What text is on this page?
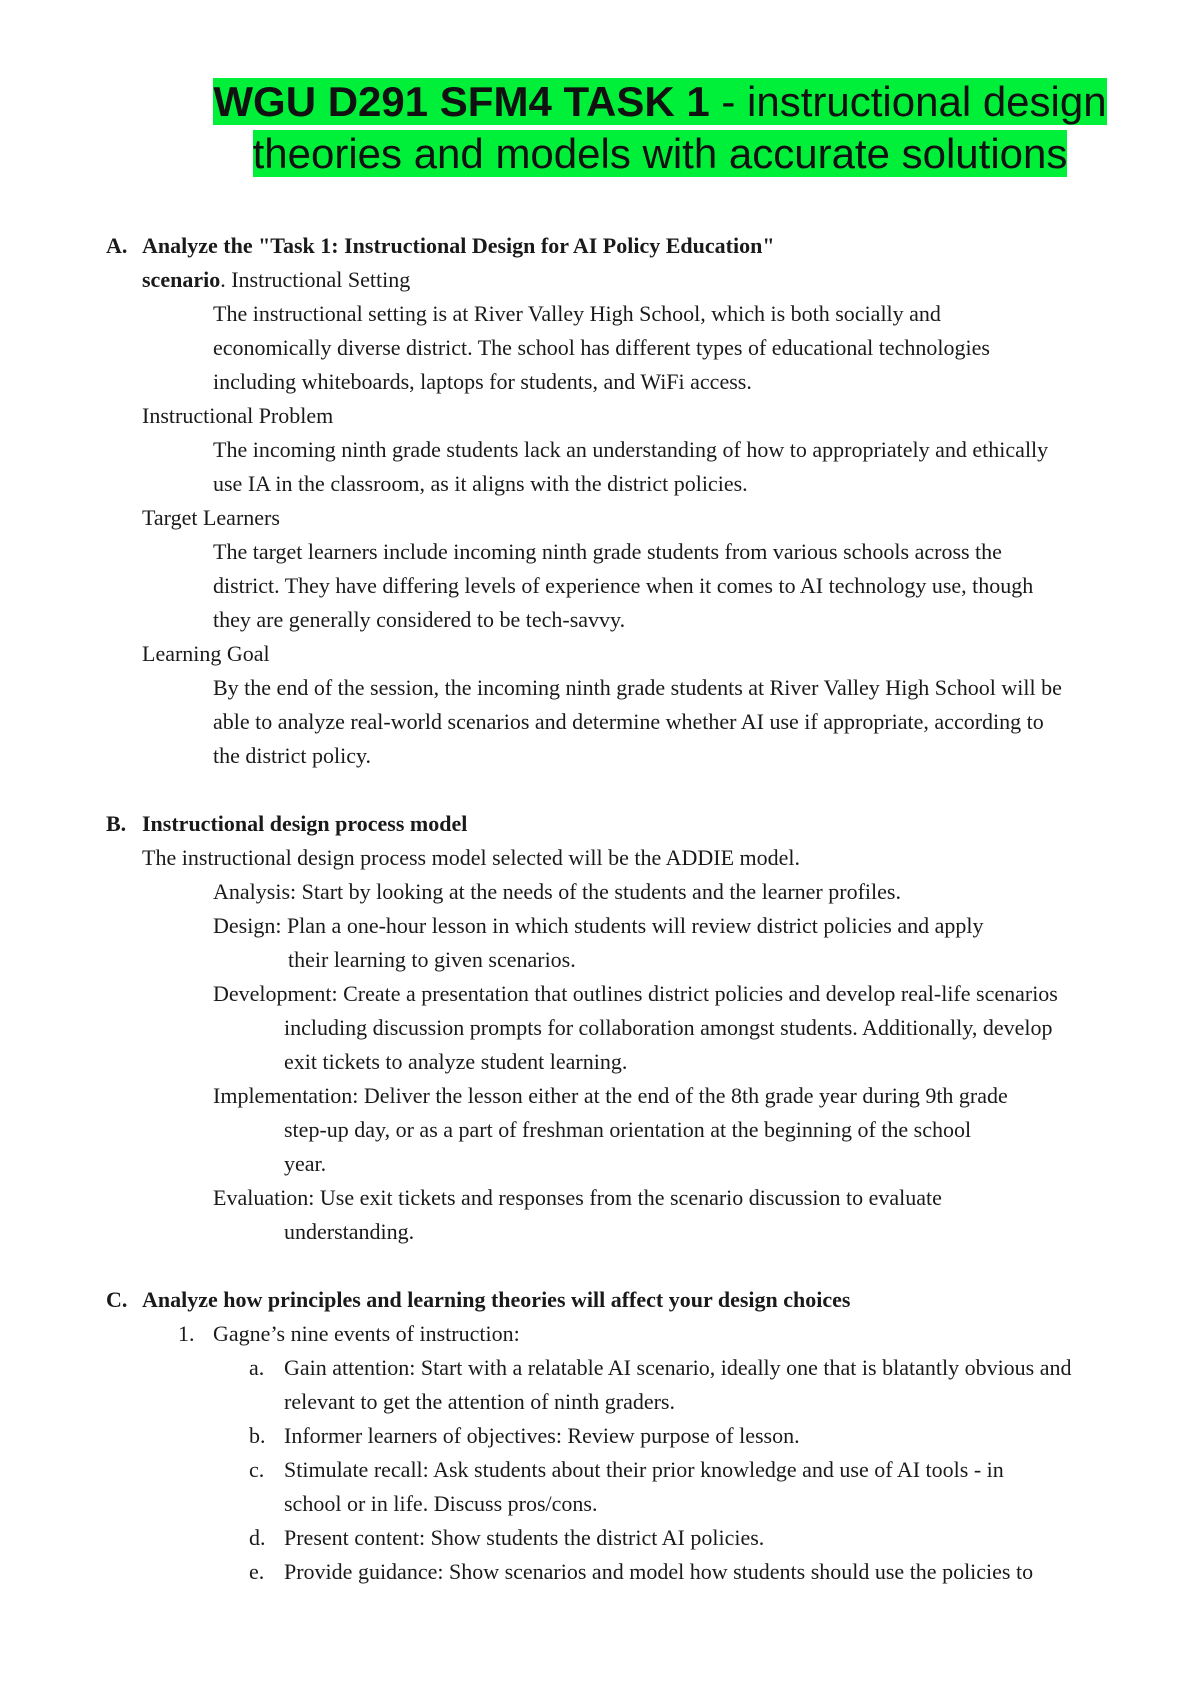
WGU D291 SFM4 TASK 1 - instructional design
theories and models with accurate solutions

A. Analyze the "Task 1: Instructional Design for AI Policy Education"

scenario. Instructional Setting

The instructional setting is at River Valley High School, which is both socially and

economically diverse district. The school has different types of educational technologies

including whiteboards, laptops for students, and WiFi access.

Instructional Problem

The incoming ninth grade students lack an understanding of how to appropriately and ethically

use IA in the classroom, as it aligns with the district policies.

Target Learners

The target learners include incoming ninth grade students from various schools across the

district. They have differing levels of experience when it comes to AI technology use, though

they are generally considered to be tech-savvy.

Learning Goal

By the end of the session, the incoming ninth grade students at River Valley High School will be

able to analyze real-world scenarios and determine whether AI use if appropriate, according to

the district policy.

B. Instructional design process model

The instructional design process model selected will be the ADDIE model.

Analysis: Start by looking at the needs of the students and the learner profiles.

Design: Plan a one-hour lesson in which students will review district policies and apply

their learning to given scenarios.

Development: Create a presentation that outlines district policies and develop real-life scenarios

including discussion prompts for collaboration amongst students. Additionally, develop

exit tickets to analyze student learning.

Implementation: Deliver the lesson either at the end of the 8th grade year during 9th grade

step-up day, or as a part of freshman orientation at the beginning of the school

year.

Evaluation: Use exit tickets and responses from the scenario discussion to evaluate

understanding.

C. Analyze how principles and learning theories will affect your design choices

1. Gagne’s nine events of instruction:

a. Gain attention: Start with a relatable AI scenario, ideally one that is blatantly obvious and

relevant to get the attention of ninth graders.

b. Informer learners of objectives: Review purpose of lesson.

c. Stimulate recall: Ask students about their prior knowledge and use of AI tools - in

school or in life. Discuss pros/cons.

d. Present content: Show students the district AI policies.

e. Provide guidance: Show scenarios and model how students should use the policies to
